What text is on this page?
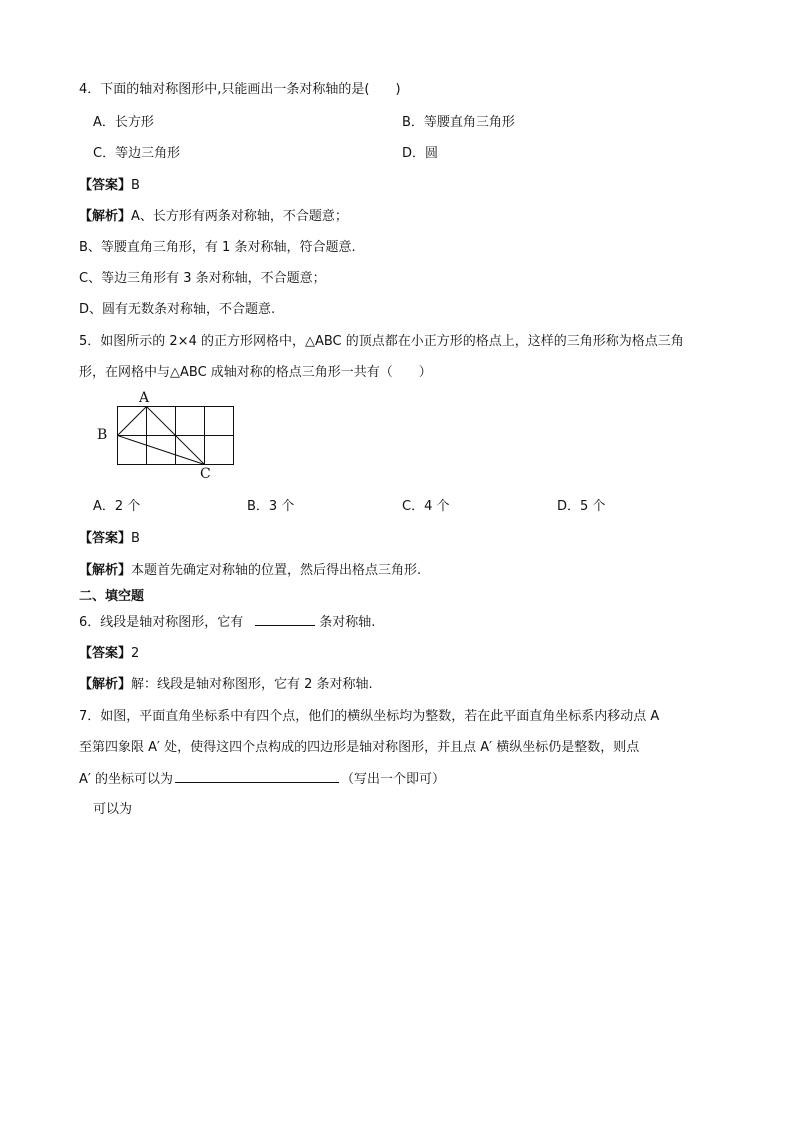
4．下面的轴对称图形中,只能画出一条对称轴的是(　　)
A．长方形	B．等腰直角三角形
C．等边三角形	D．圆
【答案】B
【解析】A、长方形有两条对称轴，不合题意；
B、等腰直角三角形，有 1 条对称轴，符合题意.
C、等边三角形有 3 条对称轴，不合题意；
D、圆有无数条对称轴，不合题意.
5．如图所示的 2×4 的正方形网格中，△ABC 的顶点都在小正方形的格点上，这样的三角形称为格点三角
形，在网格中与△ABC 成轴对称的格点三角形一共有（　　）
A
B
C
A．2 个	B．3 个	C．4 个	D．5 个
【答案】B
【解析】本题首先确定对称轴的位置，然后得出格点三角形.
二、填空题
6．线段是轴对称图形，它有	条对称轴.
【答案】2
【解析】解：线段是轴对称图形，它有 2 条对称轴.
7．如图，平面直角坐标系中有四个点，他们的横纵坐标均为整数，若在此平面直角坐标系内移动点 A
至第四象限 A′ 处，使得这四个点构成的四边形是轴对称图形，并且点 A′ 横纵坐标仍是整数，则点
A′ 的坐标可以为	（写出一个即可）
可以为
